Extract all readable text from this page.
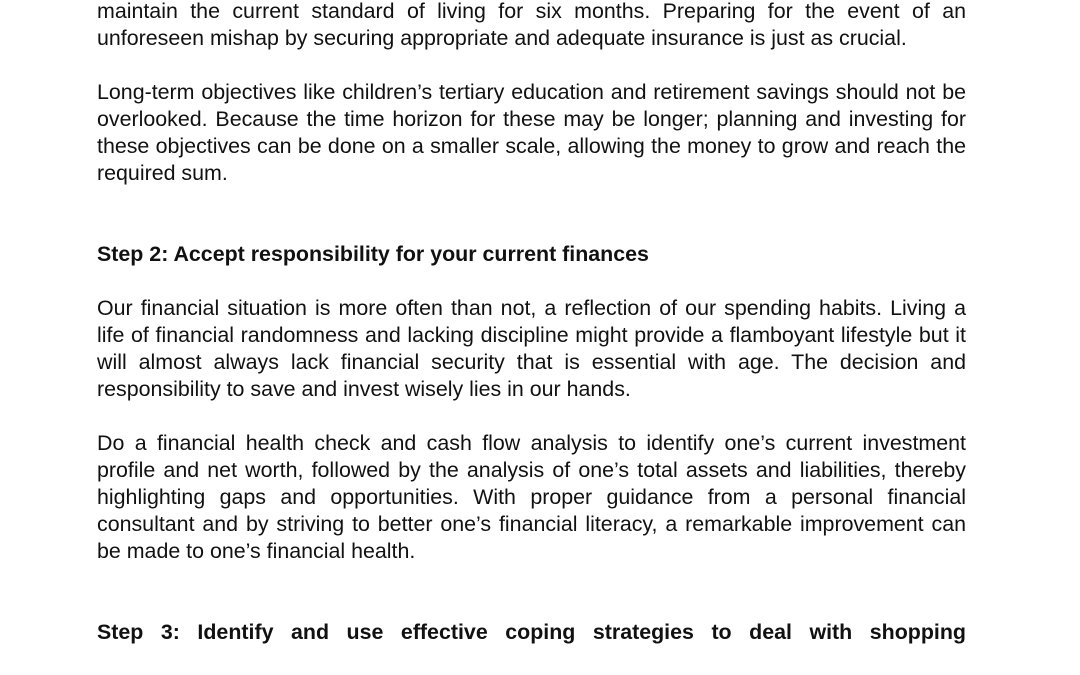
maintain the current standard of living for six months. Preparing for the event of an unforeseen mishap by securing appropriate and adequate insurance is just as crucial.

Long-term objectives like children’s tertiary education and retirement savings should not be overlooked. Because the time horizon for these may be longer; planning and investing for these objectives can be done on a smaller scale, allowing the money to grow and reach the required sum.

Step 2: Accept responsibility for your current finances

Our financial situation is more often than not, a reflection of our spending habits. Living a life of financial randomness and lacking discipline might provide a flamboyant lifestyle but it will almost always lack financial security that is essential with age. The decision and responsibility to save and invest wisely lies in our hands.

Do a financial health check and cash flow analysis to identify one’s current investment profile and net worth, followed by the analysis of one’s total assets and liabilities, thereby highlighting gaps and opportunities. With proper guidance from a personal financial consultant and by striving to better one’s financial literacy, a remarkable improvement can be made to one’s financial health.

Step 3: Identify and use effective coping strategies to deal with shopping
